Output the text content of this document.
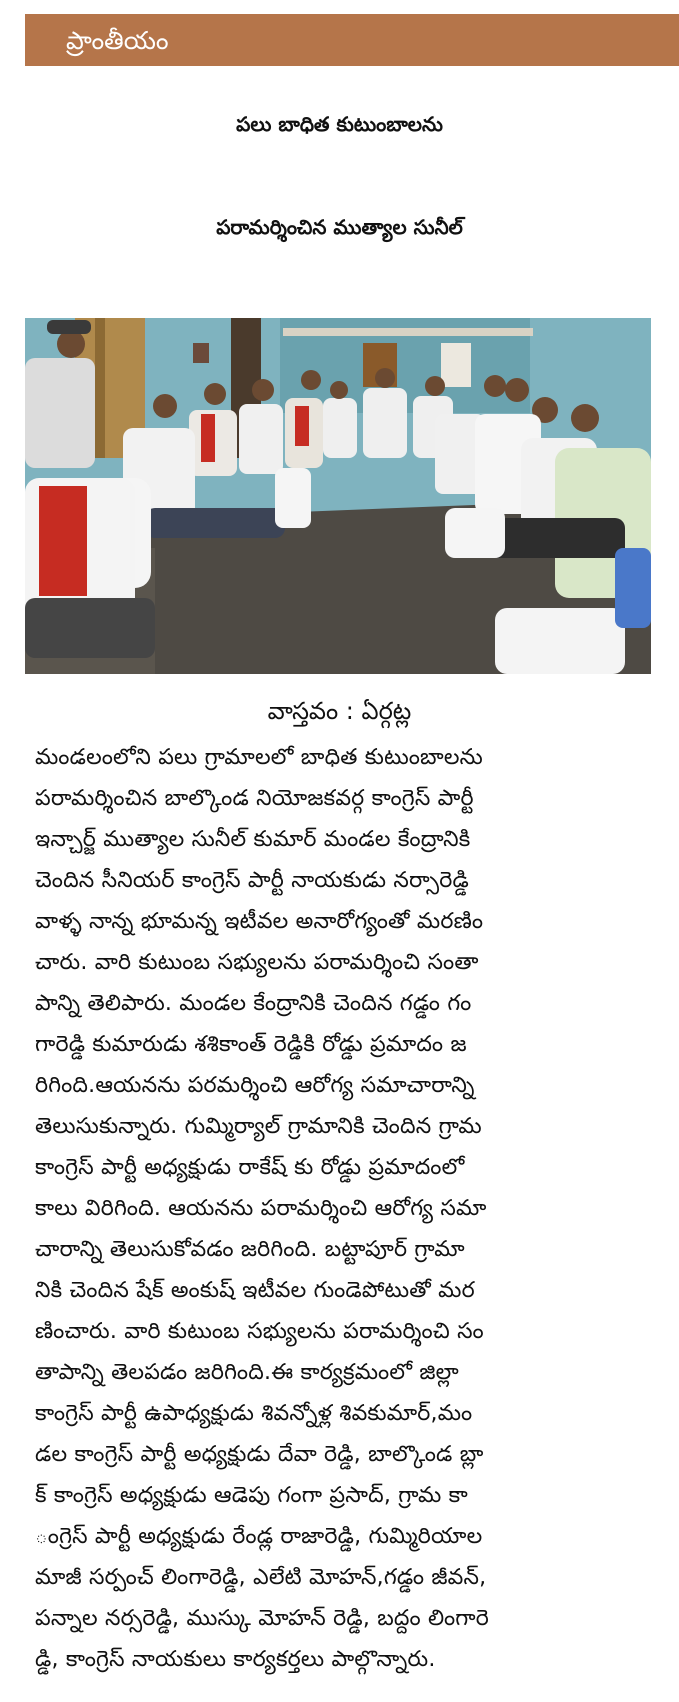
ప్రాంతీయం
పలు బాధిత కుటుంబాలను
పరామర్శించిన ముత్యాల సునీల్
వాస్తవం : ఏర్గట్ల
మండలంలోని పలు గ్రామాలలో బాధిత కుటుంబాలను
పరామర్శించిన బాల్కొండ నియోజకవర్గ కాంగ్రెస్ పార్టీ
ఇన్చార్జ్ ముత్యాల సునీల్ కుమార్ మండల కేంద్రానికి
చెందిన సీనియర్ కాంగ్రెస్ పార్టీ నాయకుడు నర్సారెడ్డి
వాళ్ళ నాన్న భూమన్న ఇటీవల అనారోగ్యంతో మరణిం
చారు. వారి కుటుంబ సభ్యులను పరామర్శించి సంతా
పాన్ని తెలిపారు. మండల కేంద్రానికి చెందిన గడ్డం గం
గారెడ్డి కుమారుడు శశికాంత్ రెడ్డికి రోడ్డు ప్రమాదం జ
రిగింది.ఆయనను పరమర్శించి ఆరోగ్య సమాచారాన్ని
తెలుసుకున్నారు. గుమ్మిర్యాల్ గ్రామానికి చెందిన గ్రామ
కాంగ్రెస్ పార్టీ అధ్యక్షుడు రాకేష్ కు రోడ్డు ప్రమాదంలో
కాలు విరిగింది. ఆయనను పరామర్శించి ఆరోగ్య సమా
చారాన్ని తెలుసుకోవడం జరిగింది. బట్టాపూర్ గ్రామా
నికి చెందిన షేక్ అంకుష్ ఇటీవల గుండెపోటుతో మర
ణించారు. వారి కుటుంబ సభ్యులను పరామర్శించి సం
తాపాన్ని తెలపడం జరిగింది.ఈ కార్యక్రమంలో జిల్లా
కాంగ్రెస్ పార్టీ ఉపాధ్యక్షుడు శివన్నోళ్ల శివకుమార్,మం
డల కాంగ్రెస్ పార్టీ అధ్యక్షుడు దేవా రెడ్డి, బాల్కొండ బ్లా
క్ కాంగ్రెస్ అధ్యక్షుడు ఆడెపు గంగా ప్రసాద్, గ్రామ కా
ంగ్రెస్ పార్టీ అధ్యక్షుడు రేండ్ల రాజారెడ్డి, గుమ్మిరియాల
మాజీ సర్పంచ్ లింగారెడ్డి, ఎలేటి మోహన్,గడ్డం జీవన్,
పన్నాల నర్సరెడ్డి, ముస్కు మోహన్ రెడ్డి, బద్దం లింగారె
డ్డి, కాంగ్రెస్ నాయకులు కార్యకర్తలు పాల్గొన్నారు.
